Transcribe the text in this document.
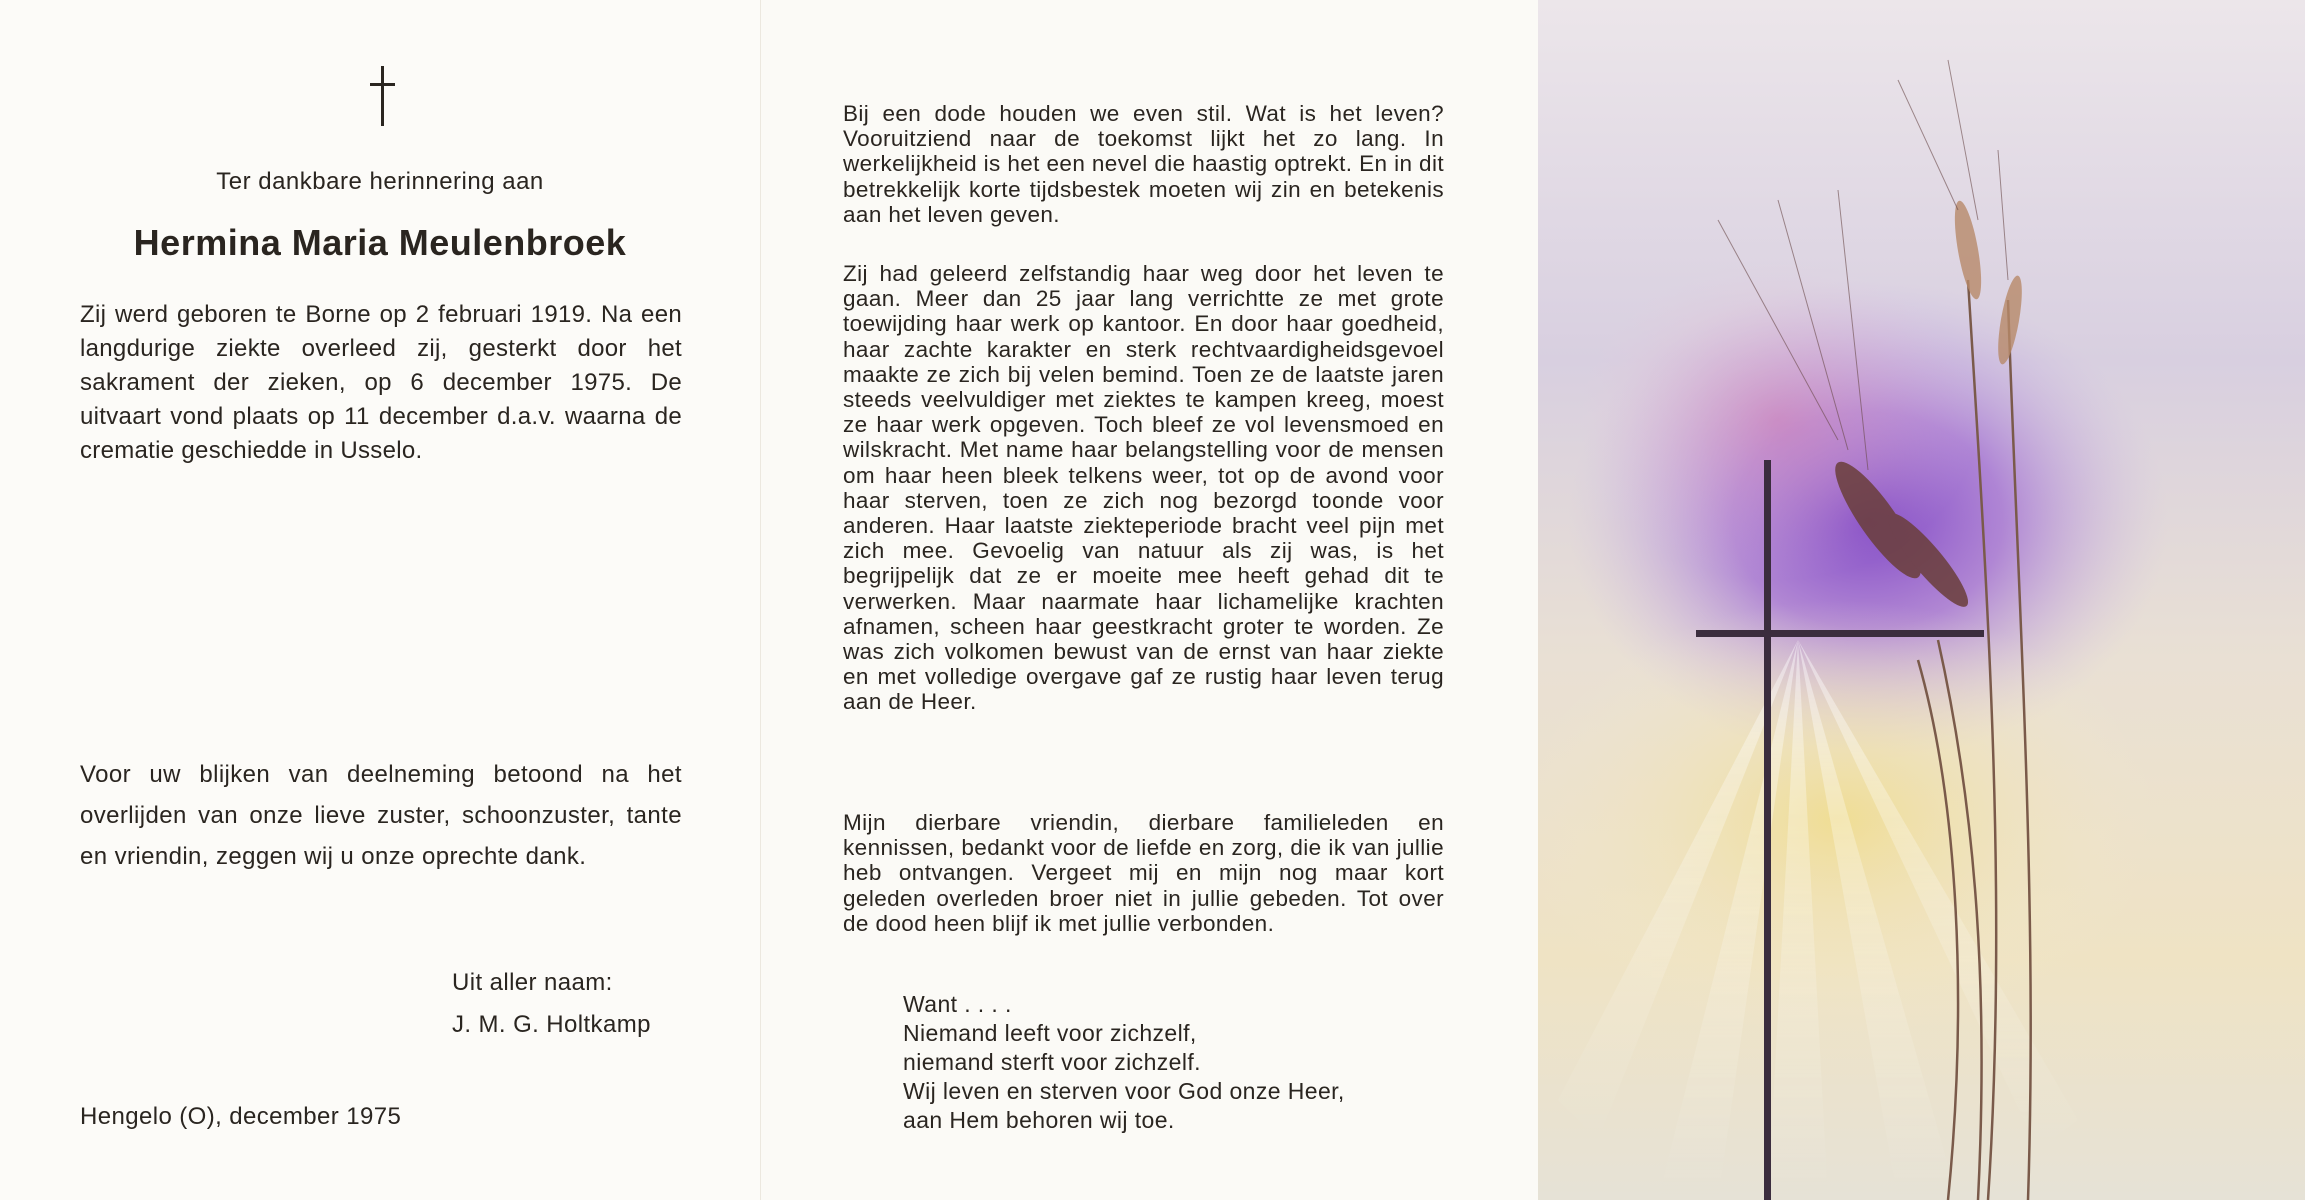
Ter dankbare herinnering aan
Hermina Maria Meulenbroek
Zij werd geboren te Borne op 2 februari 1919. Na een langdurige ziekte overleed zij, gesterkt door het sakrament der zieken, op 6 december 1975. De uitvaart vond plaats op 11 december d.a.v. waarna de crematie geschiedde in Usselo.
Voor uw blijken van deelneming betoond na het overlijden van onze lieve zuster, schoonzuster, tante en vriendin, zeggen wij u onze oprechte dank.
Uit aller naam:
J. M. G. Holtkamp
Hengelo (O), december 1975

Bij een dode houden we even stil. Wat is het leven? Vooruitziend naar de toekomst lijkt het zo lang. In werkelijkheid is het een nevel die haastig optrekt. En in dit betrekkelijk korte tijdsbestek moeten wij zin en betekenis aan het leven geven.

Zij had geleerd zelfstandig haar weg door het leven te gaan. Meer dan 25 jaar lang verrichtte ze met grote toewijding haar werk op kantoor. En door haar goedheid, haar zachte karakter en sterk rechtvaardigheidsgevoel maakte ze zich bij velen bemind. Toen ze de laatste jaren steeds veelvuldiger met ziektes te kampen kreeg, moest ze haar werk opgeven. Toch bleef ze vol levensmoed en wilskracht. Met name haar belangstelling voor de mensen om haar heen bleek telkens weer, tot op de avond voor haar sterven, toen ze zich nog bezorgd toonde voor anderen. Haar laatste ziekteperiode bracht veel pijn met zich mee. Gevoelig van natuur als zij was, is het begrijpelijk dat ze er moeite mee heeft gehad dit te verwerken. Maar naarmate haar lichamelijke krachten afnamen, scheen haar geestkracht groter te worden. Ze was zich volkomen bewust van de ernst van haar ziekte en met volledige overgave gaf ze rustig haar leven terug aan de Heer.

Mijn dierbare vriendin, dierbare familieleden en kennissen, bedankt voor de liefde en zorg, die ik van jullie heb ontvangen. Vergeet mij en mijn nog maar kort geleden overleden broer niet in jullie gebeden. Tot over de dood heen blijf ik met jullie verbonden.

Want . . . .
Niemand leeft voor zichzelf,
niemand sterft voor zichzelf.
Wij leven en sterven voor God onze Heer,
aan Hem behoren wij toe.
